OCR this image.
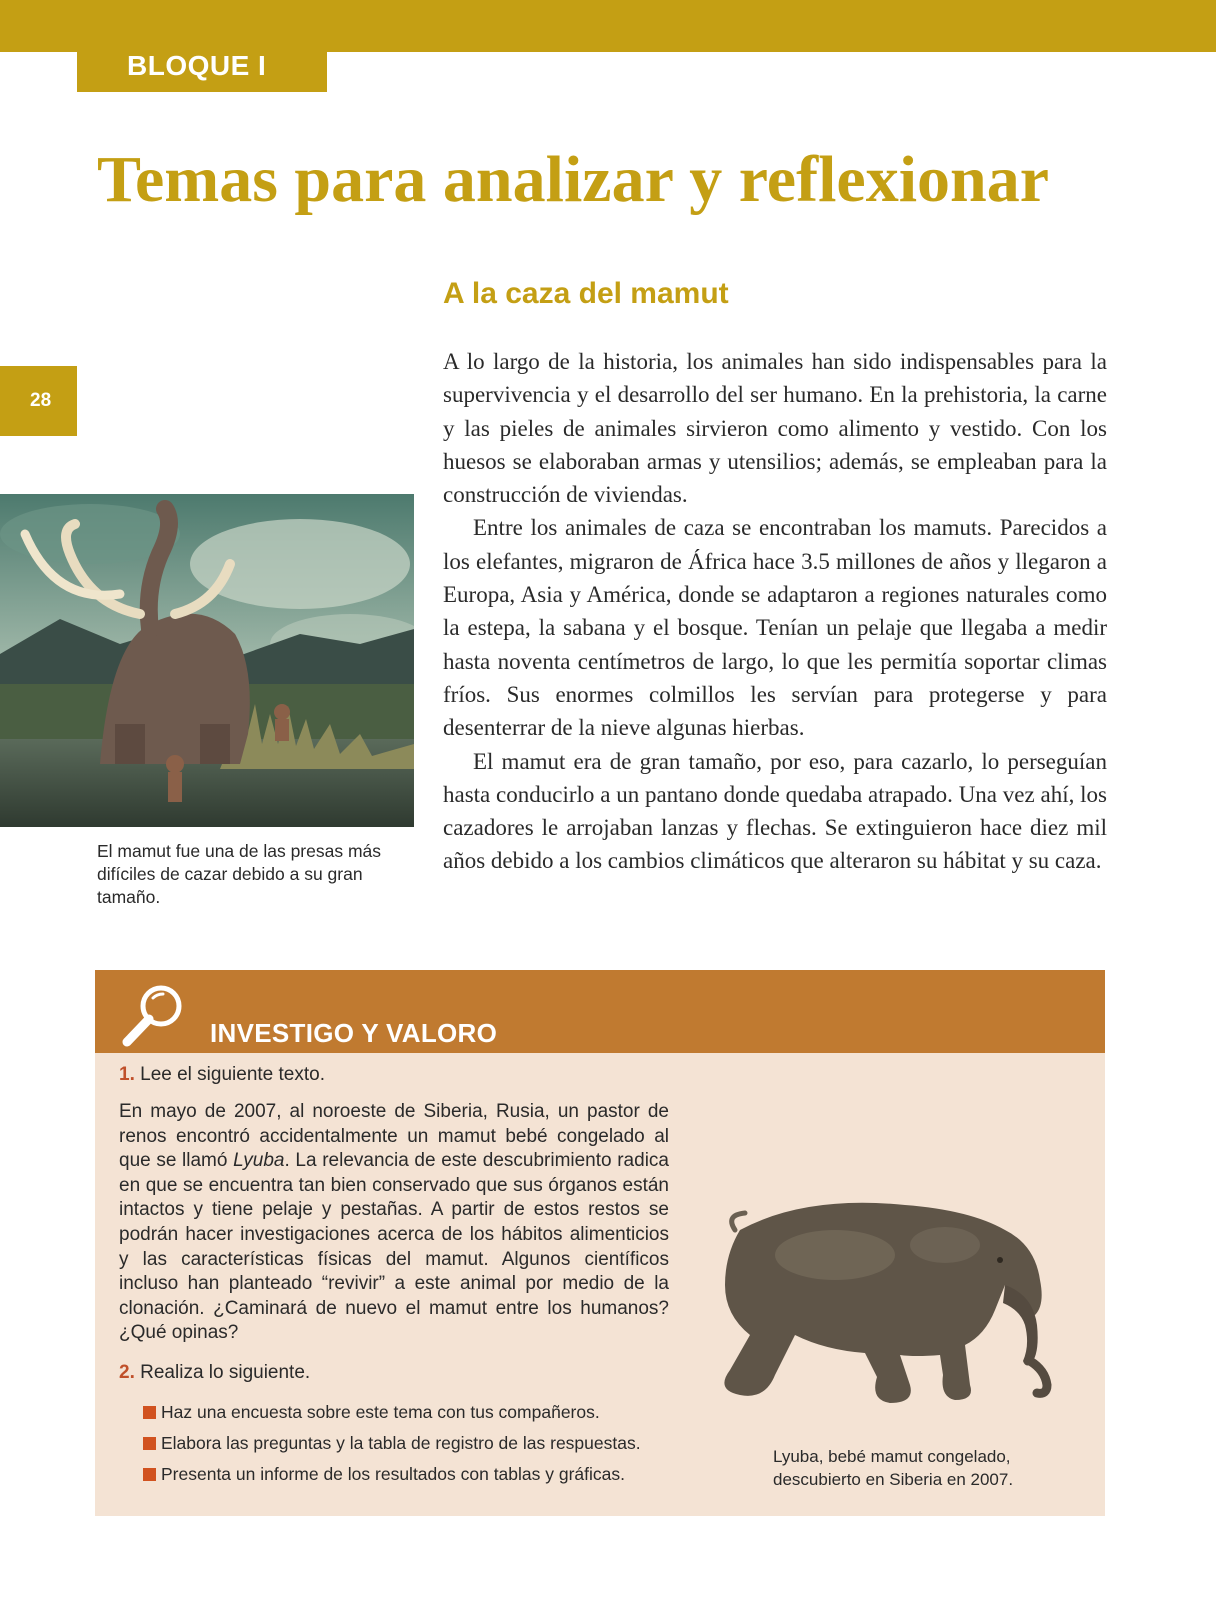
BLOQUE I
Temas para analizar y reflexionar
A la caza del mamut
28

A lo largo de la historia, los animales han sido indispensables para la supervivencia y el desarrollo del ser humano. En la prehistoria, la carne y las pieles de animales sirvieron como alimento y vestido. Con los huesos se elaboraban armas y utensilios; además, se empleaban para la construcción de viviendas.

Entre los animales de caza se encontraban los mamuts. Parecidos a los elefantes, migraron de África hace 3.5 millones de años y llegaron a Europa, Asia y América, donde se adaptaron a regiones naturales como la estepa, la sabana y el bosque. Tenían un pelaje que llegaba a medir hasta noventa centímetros de largo, lo que les permitía soportar climas fríos. Sus enormes colmillos les servían para protegerse y para desenterrar de la nieve algunas hierbas.

El mamut era de gran tamaño, por eso, para cazarlo, lo perseguían hasta conducirlo a un pantano donde quedaba atrapado. Una vez ahí, los cazadores le arrojaban lanzas y flechas. Se extinguieron hace diez mil años debido a los cambios climáticos que alteraron su hábitat y su caza.

El mamut fue una de las presas más difíciles de cazar debido a su gran tamaño.

INVESTIGO Y VALORO

1. Lee el siguiente texto.

En mayo de 2007, al noroeste de Siberia, Rusia, un pastor de renos encontró accidentalmente un mamut bebé congelado al que se llamó Lyuba. La relevancia de este descubrimiento radica en que se encuentra tan bien conservado que sus órganos están intactos y tiene pelaje y pestañas. A partir de estos restos se podrán hacer investigaciones acerca de los hábitos alimenticios y las características físicas del mamut. Algunos científicos incluso han planteado “revivir” a este animal por medio de la clonación. ¿Caminará de nuevo el mamut entre los humanos? ¿Qué opinas?

2. Realiza lo siguiente.

Haz una encuesta sobre este tema con tus compañeros.
Elabora las preguntas y la tabla de registro de las respuestas.
Presenta un informe de los resultados con tablas y gráficas.

Lyuba, bebé mamut congelado, descubierto en Siberia en 2007.
